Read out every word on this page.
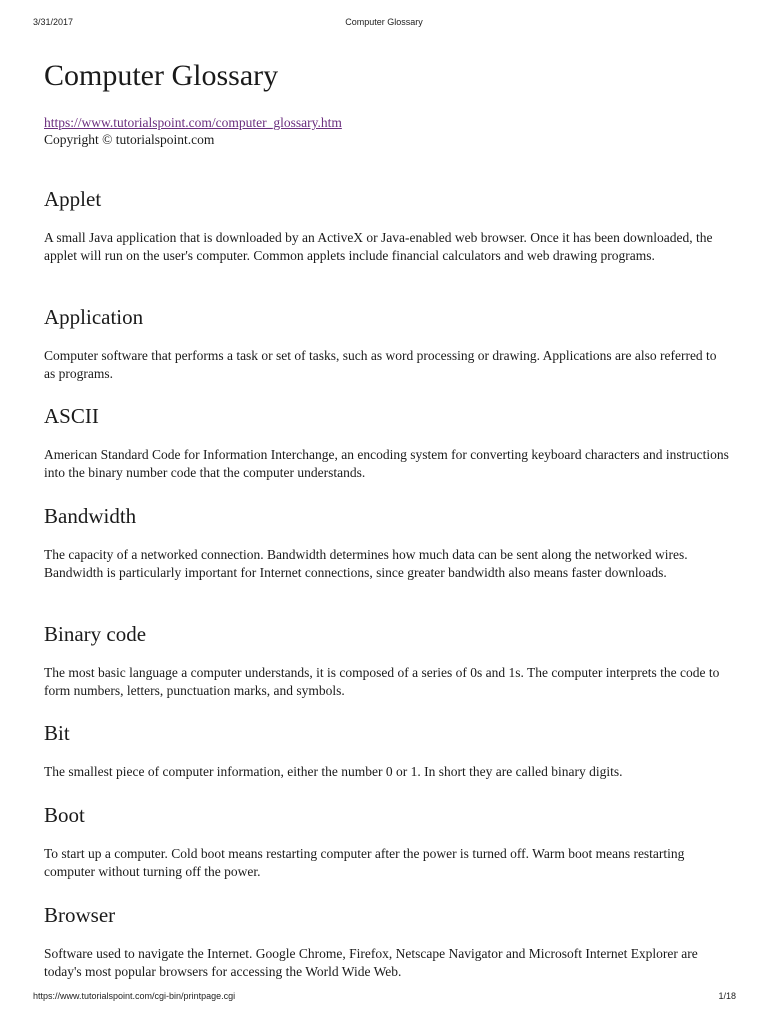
3/31/2017	Computer Glossary
Computer Glossary
https://www.tutorialspoint.com/computer_glossary.htm
Copyright © tutorialspoint.com
Applet

A small Java application that is downloaded by an ActiveX or Java-enabled web browser. Once it has been downloaded, the applet will run on the user's computer. Common applets include financial calculators and web drawing programs.

Application

Computer software that performs a task or set of tasks, such as word processing or drawing. Applications are also referred to as programs.

ASCII

American Standard Code for Information Interchange, an encoding system for converting keyboard characters and instructions into the binary number code that the computer understands.

Bandwidth

The capacity of a networked connection. Bandwidth determines how much data can be sent along the networked wires. Bandwidth is particularly important for Internet connections, since greater bandwidth also means faster downloads.

Binary code

The most basic language a computer understands, it is composed of a series of 0s and 1s. The computer interprets the code to form numbers, letters, punctuation marks, and symbols.

Bit

The smallest piece of computer information, either the number 0 or 1. In short they are called binary digits.

Boot

To start up a computer. Cold boot means restarting computer after the power is turned off. Warm boot means restarting computer without turning off the power.

Browser

Software used to navigate the Internet. Google Chrome, Firefox, Netscape Navigator and Microsoft Internet Explorer are today's most popular browsers for accessing the World Wide Web.

https://www.tutorialspoint.com/cgi-bin/printpage.cgi	1/18
